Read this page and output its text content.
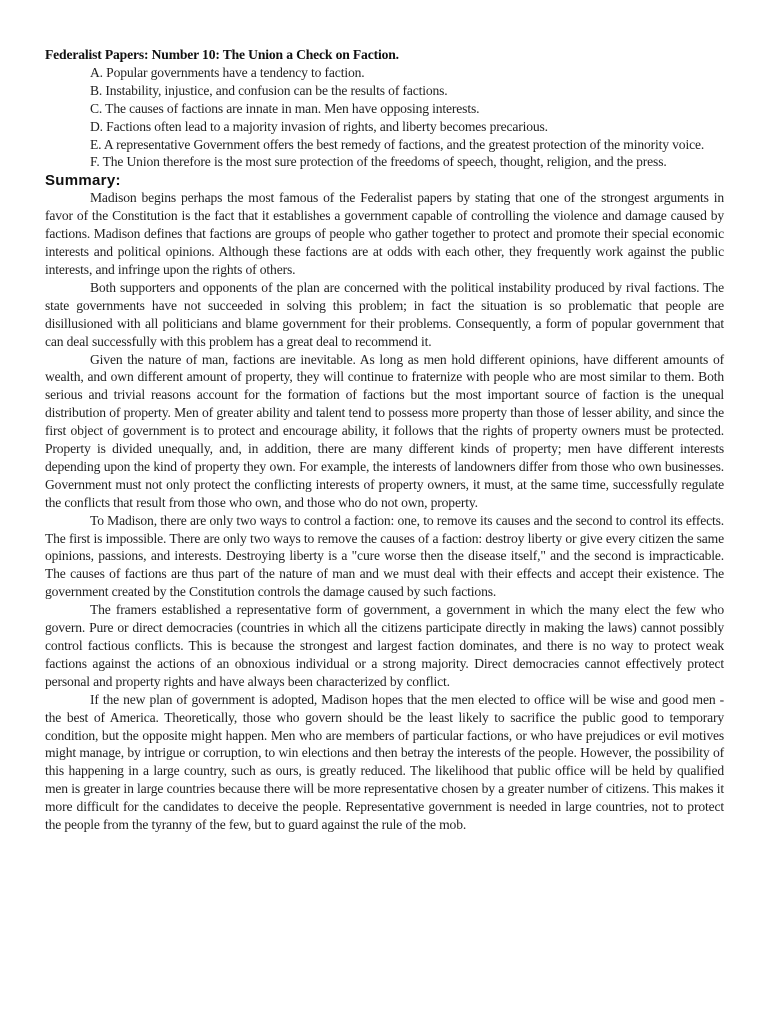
Federalist Papers: Number 10: The Union a Check on Faction.

A. Popular governments have a tendency to faction.
B. Instability, injustice, and confusion can be the results of factions.
C. The causes of factions are innate in man. Men have opposing interests.
D. Factions often lead to a majority invasion of rights, and liberty becomes precarious.
E. A representative Government offers the best remedy of factions, and the greatest protection of the minority voice.
F. The Union therefore is the most sure protection of the freedoms of speech, thought, religion, and the press.
Summary:

Madison begins perhaps the most famous of the Federalist papers by stating that one of the strongest arguments in favor of the Constitution is the fact that it establishes a government capable of controlling the violence and damage caused by factions. Madison defines that factions are groups of people who gather together to protect and promote their special economic interests and political opinions. Although these factions are at odds with each other, they frequently work against the public interests, and infringe upon the rights of others.

Both supporters and opponents of the plan are concerned with the political instability produced by rival factions. The state governments have not succeeded in solving this problem; in fact the situation is so problematic that people are disillusioned with all politicians and blame government for their problems. Consequently, a form of popular government that can deal successfully with this problem has a great deal to recommend it.

Given the nature of man, factions are inevitable. As long as men hold different opinions, have different amounts of wealth, and own different amount of property, they will continue to fraternize with people who are most similar to them. Both serious and trivial reasons account for the formation of factions but the most important source of faction is the unequal distribution of property. Men of greater ability and talent tend to possess more property than those of lesser ability, and since the first object of government is to protect and encourage ability, it follows that the rights of property owners must be protected. Property is divided unequally, and, in addition, there are many different kinds of property; men have different interests depending upon the kind of property they own. For example, the interests of landowners differ from those who own businesses. Government must not only protect the conflicting interests of property owners, it must, at the same time, successfully regulate the conflicts that result from those who own, and those who do not own, property.

To Madison, there are only two ways to control a faction: one, to remove its causes and the second to control its effects. The first is impossible. There are only two ways to remove the causes of a faction: destroy liberty or give every citizen the same opinions, passions, and interests. Destroying liberty is a "cure worse then the disease itself," and the second is impracticable. The causes of factions are thus part of the nature of man and we must deal with their effects and accept their existence. The government created by the Constitution controls the damage caused by such factions.

The framers established a representative form of government, a government in which the many elect the few who govern. Pure or direct democracies (countries in which all the citizens participate directly in making the laws) cannot possibly control factious conflicts. This is because the strongest and largest faction dominates, and there is no way to protect weak factions against the actions of an obnoxious individual or a strong majority. Direct democracies cannot effectively protect personal and property rights and have always been characterized by conflict.

If the new plan of government is adopted, Madison hopes that the men elected to office will be wise and good men - the best of America. Theoretically, those who govern should be the least likely to sacrifice the public good to temporary condition, but the opposite might happen. Men who are members of particular factions, or who have prejudices or evil motives might manage, by intrigue or corruption, to win elections and then betray the interests of the people. However, the possibility of this happening in a large country, such as ours, is greatly reduced. The likelihood that public office will be held by qualified men is greater in large countries because there will be more representative chosen by a greater number of citizens. This makes it more difficult for the candidates to deceive the people. Representative government is needed in large countries, not to protect the people from the tyranny of the few, but to guard against the rule of the mob.
